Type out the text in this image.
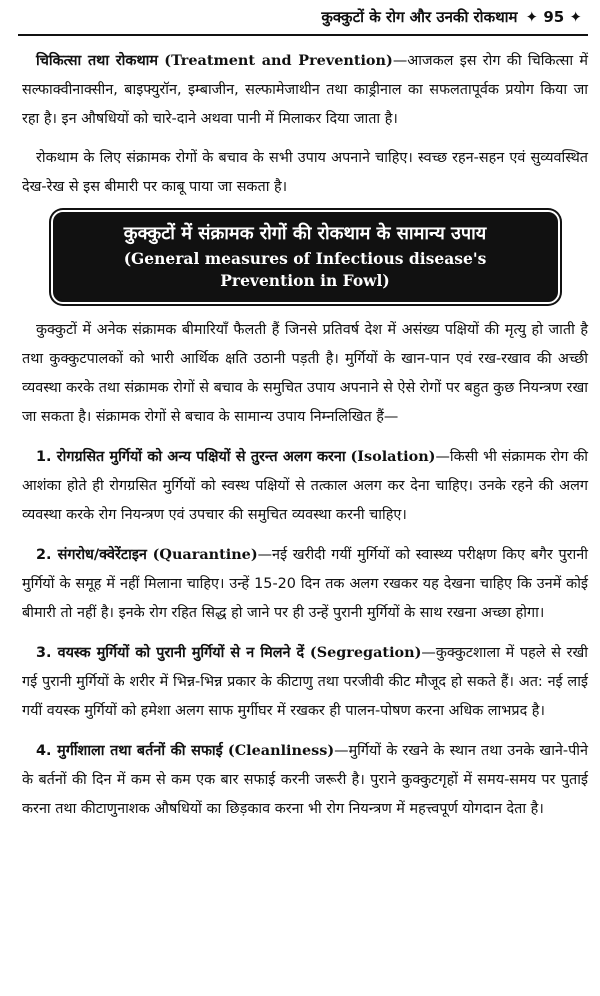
कुक्कुटों के रोग और उनकी रोकथाम ✦ 95 ✦

चिकित्सा तथा रोकथाम (Treatment and Prevention)—आजकल इस रोग की चिकित्सा में सल्फाक्वीनाक्सीन, बाइफ्युरॉन, इम्बाजीन, सल्फामेजाथीन तथा काड्रीनाल का सफलतापूर्वक प्रयोग किया जा रहा है। इन औषधियों को चारे-दाने अथवा पानी में मिलाकर दिया जाता है।

रोकथाम के लिए संक्रामक रोगों के बचाव के सभी उपाय अपनाने चाहिए। स्वच्छ रहन-सहन एवं सुव्यवस्थित देख-रेख से इस बीमारी पर काबू पाया जा सकता है।

कुक्कुटों में संक्रामक रोगों की रोकथाम के सामान्य उपाय
(General measures of Infectious disease's
Prevention in Fowl)

कुक्कुटों में अनेक संक्रामक बीमारियाँ फैलती हैं जिनसे प्रतिवर्ष देश में असंख्य पक्षियों की मृत्यु हो जाती है तथा कुक्कुटपालकों को भारी आर्थिक क्षति उठानी पड़ती है। मुर्गियों के खान-पान एवं रख-रखाव की अच्छी व्यवस्था करके तथा संक्रामक रोगों से बचाव के समुचित उपाय अपनाने से ऐसे रोगों पर बहुत कुछ नियन्त्रण रखा जा सकता है। संक्रामक रोगों से बचाव के सामान्य उपाय निम्नलिखित हैं—

1. रोगग्रसित मुर्गियों को अन्य पक्षियों से तुरन्त अलग करना (Isolation)—किसी भी संक्रामक रोग की आशंका होते ही रोगग्रसित मुर्गियों को स्वस्थ पक्षियों से तत्काल अलग कर देना चाहिए। उनके रहने की अलग व्यवस्था करके रोग नियन्त्रण एवं उपचार की समुचित व्यवस्था करनी चाहिए।

2. संगरोध/क्वेरेंटाइन (Quarantine)—नई खरीदी गयीं मुर्गियों को स्वास्थ्य परीक्षण किए बगैर पुरानी मुर्गियों के समूह में नहीं मिलाना चाहिए। उन्हें 15-20 दिन तक अलग रखकर यह देखना चाहिए कि उनमें कोई बीमारी तो नहीं है। इनके रोग रहित सिद्ध हो जाने पर ही उन्हें पुरानी मुर्गियों के साथ रखना अच्छा होगा।

3. वयस्क मुर्गियों को पुरानी मुर्गियों से न मिलने दें (Segregation)—कुक्कुटशाला में पहले से रखी गई पुरानी मुर्गियों के शरीर में भिन्न-भिन्न प्रकार के कीटाणु तथा परजीवी कीट मौजूद हो सकते हैं। अत: नई लाई गयीं वयस्क मुर्गियों को हमेशा अलग साफ मुर्गीघर में रखकर ही पालन-पोषण करना अधिक लाभप्रद है।

4. मुर्गीशाला तथा बर्तनों की सफाई (Cleanliness)—मुर्गियों के रखने के स्थान तथा उनके खाने-पीने के बर्तनों की दिन में कम से कम एक बार सफाई करनी जरूरी है। पुराने कुक्कुटगृहों में समय-समय पर पुताई करना तथा कीटाणुनाशक औषधियों का छिड़काव करना भी रोग नियन्त्रण में महत्त्वपूर्ण योगदान देता है।
